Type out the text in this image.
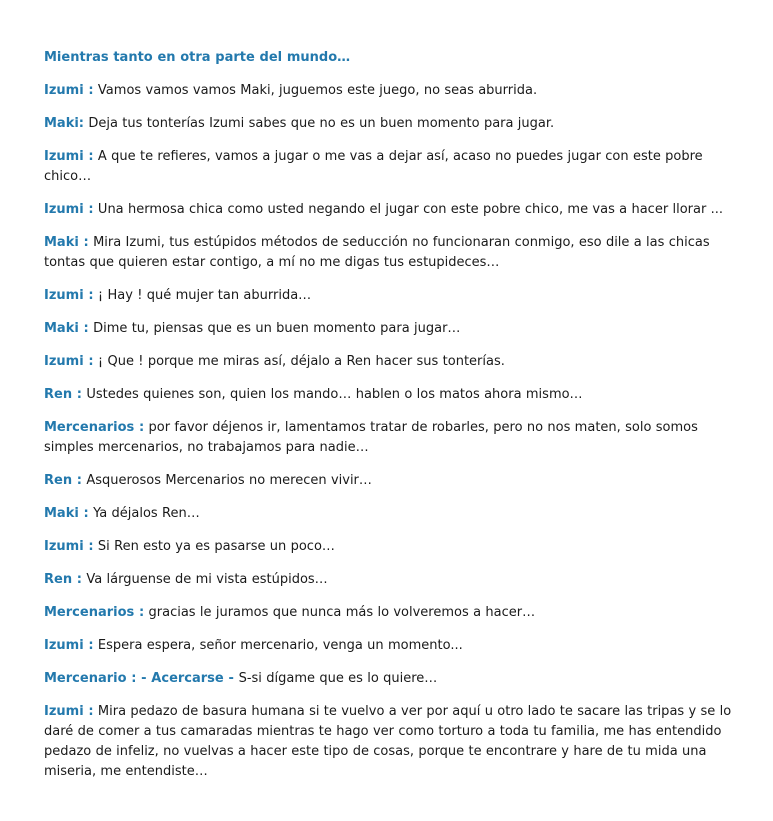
Mientras tanto en otra parte del mundo…

Izumi : Vamos vamos vamos Maki, juguemos este juego, no seas aburrida.

Maki: Deja tus tonterías Izumi sabes que no es un buen momento para jugar.

Izumi : A que te refieres, vamos a jugar o me vas a dejar así, acaso no puedes jugar con este pobre chico…

Izumi : Una hermosa chica como usted negando el jugar con este pobre chico, me vas a hacer llorar ...

Maki : Mira Izumi, tus estúpidos métodos de seducción no funcionaran conmigo, eso dile a las chicas tontas que quieren estar contigo, a mí no me digas tus estupideces…

Izumi : ¡ Hay ! qué mujer tan aburrida…

Maki : Dime tu, piensas que es un buen momento para jugar…

Izumi : ¡ Que ! porque me miras así, déjalo a Ren hacer sus tonterías.

Ren : Ustedes quienes son, quien los mando… hablen o los matos ahora mismo…

Mercenarios : por favor déjenos ir, lamentamos tratar de robarles, pero no nos maten, solo somos simples mercenarios, no trabajamos para nadie…

Ren : Asquerosos Mercenarios no merecen vivir…

Maki : Ya déjalos Ren…

Izumi : Si Ren esto ya es pasarse un poco…

Ren : Va lárguense de mi vista estúpidos…

Mercenarios : gracias le juramos que nunca más lo volveremos a hacer…

Izumi : Espera espera, señor mercenario, venga un momento...

Mercenario : - Acercarse - S-si dígame que es lo quiere…

Izumi : Mira pedazo de basura humana si te vuelvo a ver por aquí u otro lado te sacare las tripas y se lo daré de comer a tus camaradas mientras te hago ver como torturo a toda tu familia, me has entendido pedazo de infeliz, no vuelvas a hacer este tipo de cosas, porque te encontrare y hare de tu mida una miseria, me entendiste…
